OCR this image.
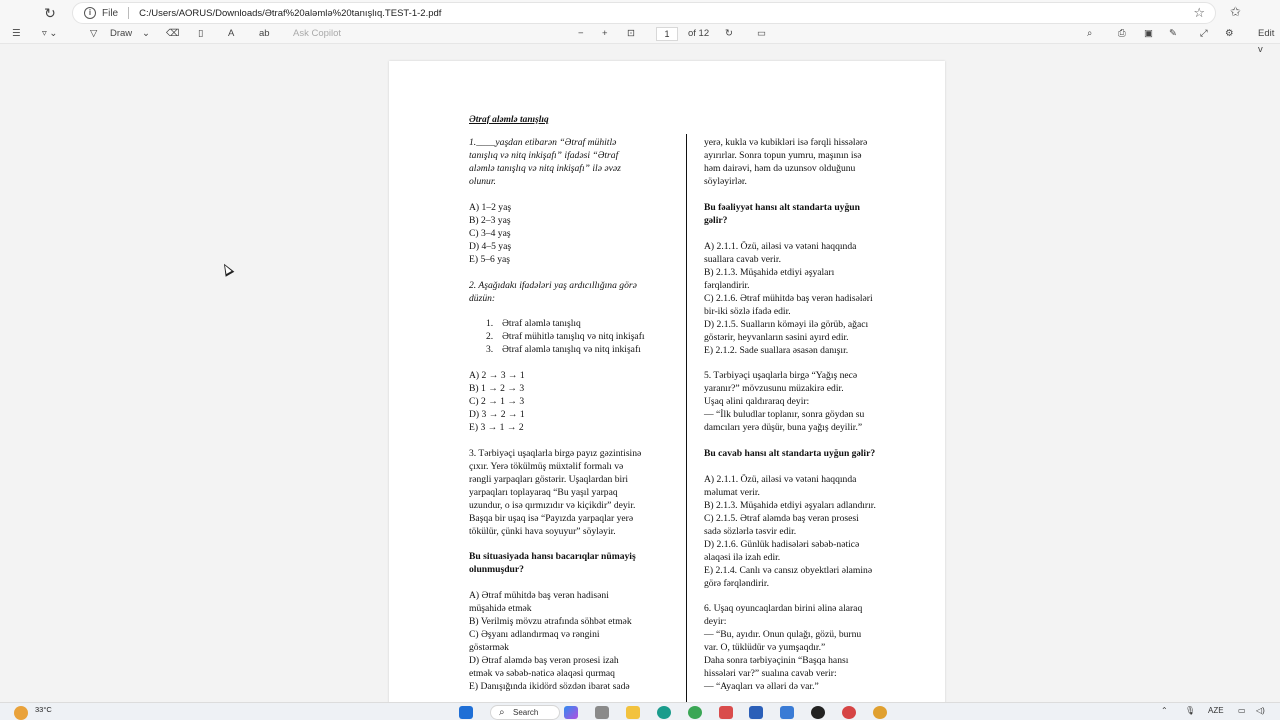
↻	i	File C:/Users/AORUS/Downloads/Ətraf%20aləmlə%20tanışlıq.TEST-1-2.pdf	☆ ✩
☰ ▿ ⌄	▽ Draw ⌄ ⌫ ▯	A	ab Ask Copilot	− + ⊡	1	of 12 ↻	▭	⌕	⎙ ▣ ✎ ⤢ ⚙	Edit v
Ətraf aləmlə tanışlıq
1.____yaşdan etibarən “Ətraf mühitlə
tanışlıq və nitq inkişafı” ifadəsi “Ətraf
aləmlə tanışlıq və nitq inkişafı” ilə əvəz
olunur.
A) 1–2 yaş
B) 2–3 yaş
C) 3–4 yaş
D) 4–5 yaş
E) 5–6 yaş
2. Aşağıdakı ifadələri yaş ardıcıllığına görə
düzün:
1. Ətraf aləmlə tanışlıq
2. Ətraf mühitlə tanışlıq və nitq inkişafı
3. Ətraf aləmlə tanışlıq və nitq inkişafı
A) 2 → 3 → 1
B) 1 → 2 → 3
C) 2 → 1 → 3
D) 3 → 2 → 1
E) 3 → 1 → 2
3. Tərbiyəçi uşaqlarla birgə payız gəzintisinə
çıxır. Yerə tökülmüş müxtəlif formalı və
rəngli yarpaqları göstərir. Uşaqlardan biri
yarpaqları toplayaraq “Bu yaşıl yarpaq
uzundur, o isə qırmızıdır və kiçikdir” deyir.
Başqa bir uşaq isə “Payızda yarpaqlar yerə
tökülür, çünki hava soyuyur” söyləyir.
Bu situasiyada hansı bacarıqlar nümayiş
olunmuşdur?
A) Ətraf mühitdə baş verən hadisəni
müşahidə etmək
B) Verilmiş mövzu ətrafında söhbət etmək
C) Əşyanı adlandırmaq və rəngini
göstərmək
D) Ətraf aləmdə baş verən prosesi izah
etmək və səbəb-nəticə əlaqəsi qurmaq
E) Danışığında ikidörd sözdən ibarət sadə
yerə, kukla və kubikləri isə fərqli hissələrə
ayırırlar. Sonra topun yumru, maşının isə
həm dairəvi, həm də uzunsov olduğunu
söyləyirlər.
Bu fəaliyyət hansı alt standarta uyğun
gəlir?
A) 2.1.1. Özü, ailəsi və vətəni haqqında
suallara cavab verir.
B) 2.1.3. Müşahidə etdiyi əşyaları
fərqləndirir.
C) 2.1.6. Ətraf mühitdə baş verən hadisələri
bir-iki sözlə ifadə edir.
D) 2.1.5. Sualların köməyi ilə görüb, ağacı
göstərir, heyvanların səsini ayırd edir.
E) 2.1.2. Sade suallara əsasən danışır.
5. Tərbiyəçi uşaqlarla birgə “Yağış necə
yaranır?” mövzusunu müzakirə edir.
Uşaq əlini qaldıraraq deyir:
— “İlk buludlar toplanır, sonra göydən su
damcıları yerə düşür, buna yağış deyilir.”
Bu cavab hansı alt standarta uyğun gəlir?
A) 2.1.1. Özü, ailəsi və vətəni haqqında
məlumat verir.
B) 2.1.3. Müşahidə etdiyi əşyaları adlandırır.
C) 2.1.5. Ətraf aləmdə baş verən prosesi
sadə sözlərlə təsvir edir.
D) 2.1.6. Günlük hadisələri səbəb-nəticə
əlaqəsi ilə izah edir.
E) 2.1.4. Canlı və cansız obyektləri əlaminə
görə fərqləndirir.
6. Uşaq oyuncaqlardan birini əlinə alaraq
deyir:
— “Bu, ayıdır. Onun qulağı, gözü, burnu
var. O, tüklüdür və yumşaqdır.”
Daha sonra tərbiyəçinin “Başqa hansı
hissələri var?” sualına cavab verir:
— “Ayaqları və əlləri də var.”
33°C
⌕	Search	⌃ 🎙 AZE ▭ ◁)
